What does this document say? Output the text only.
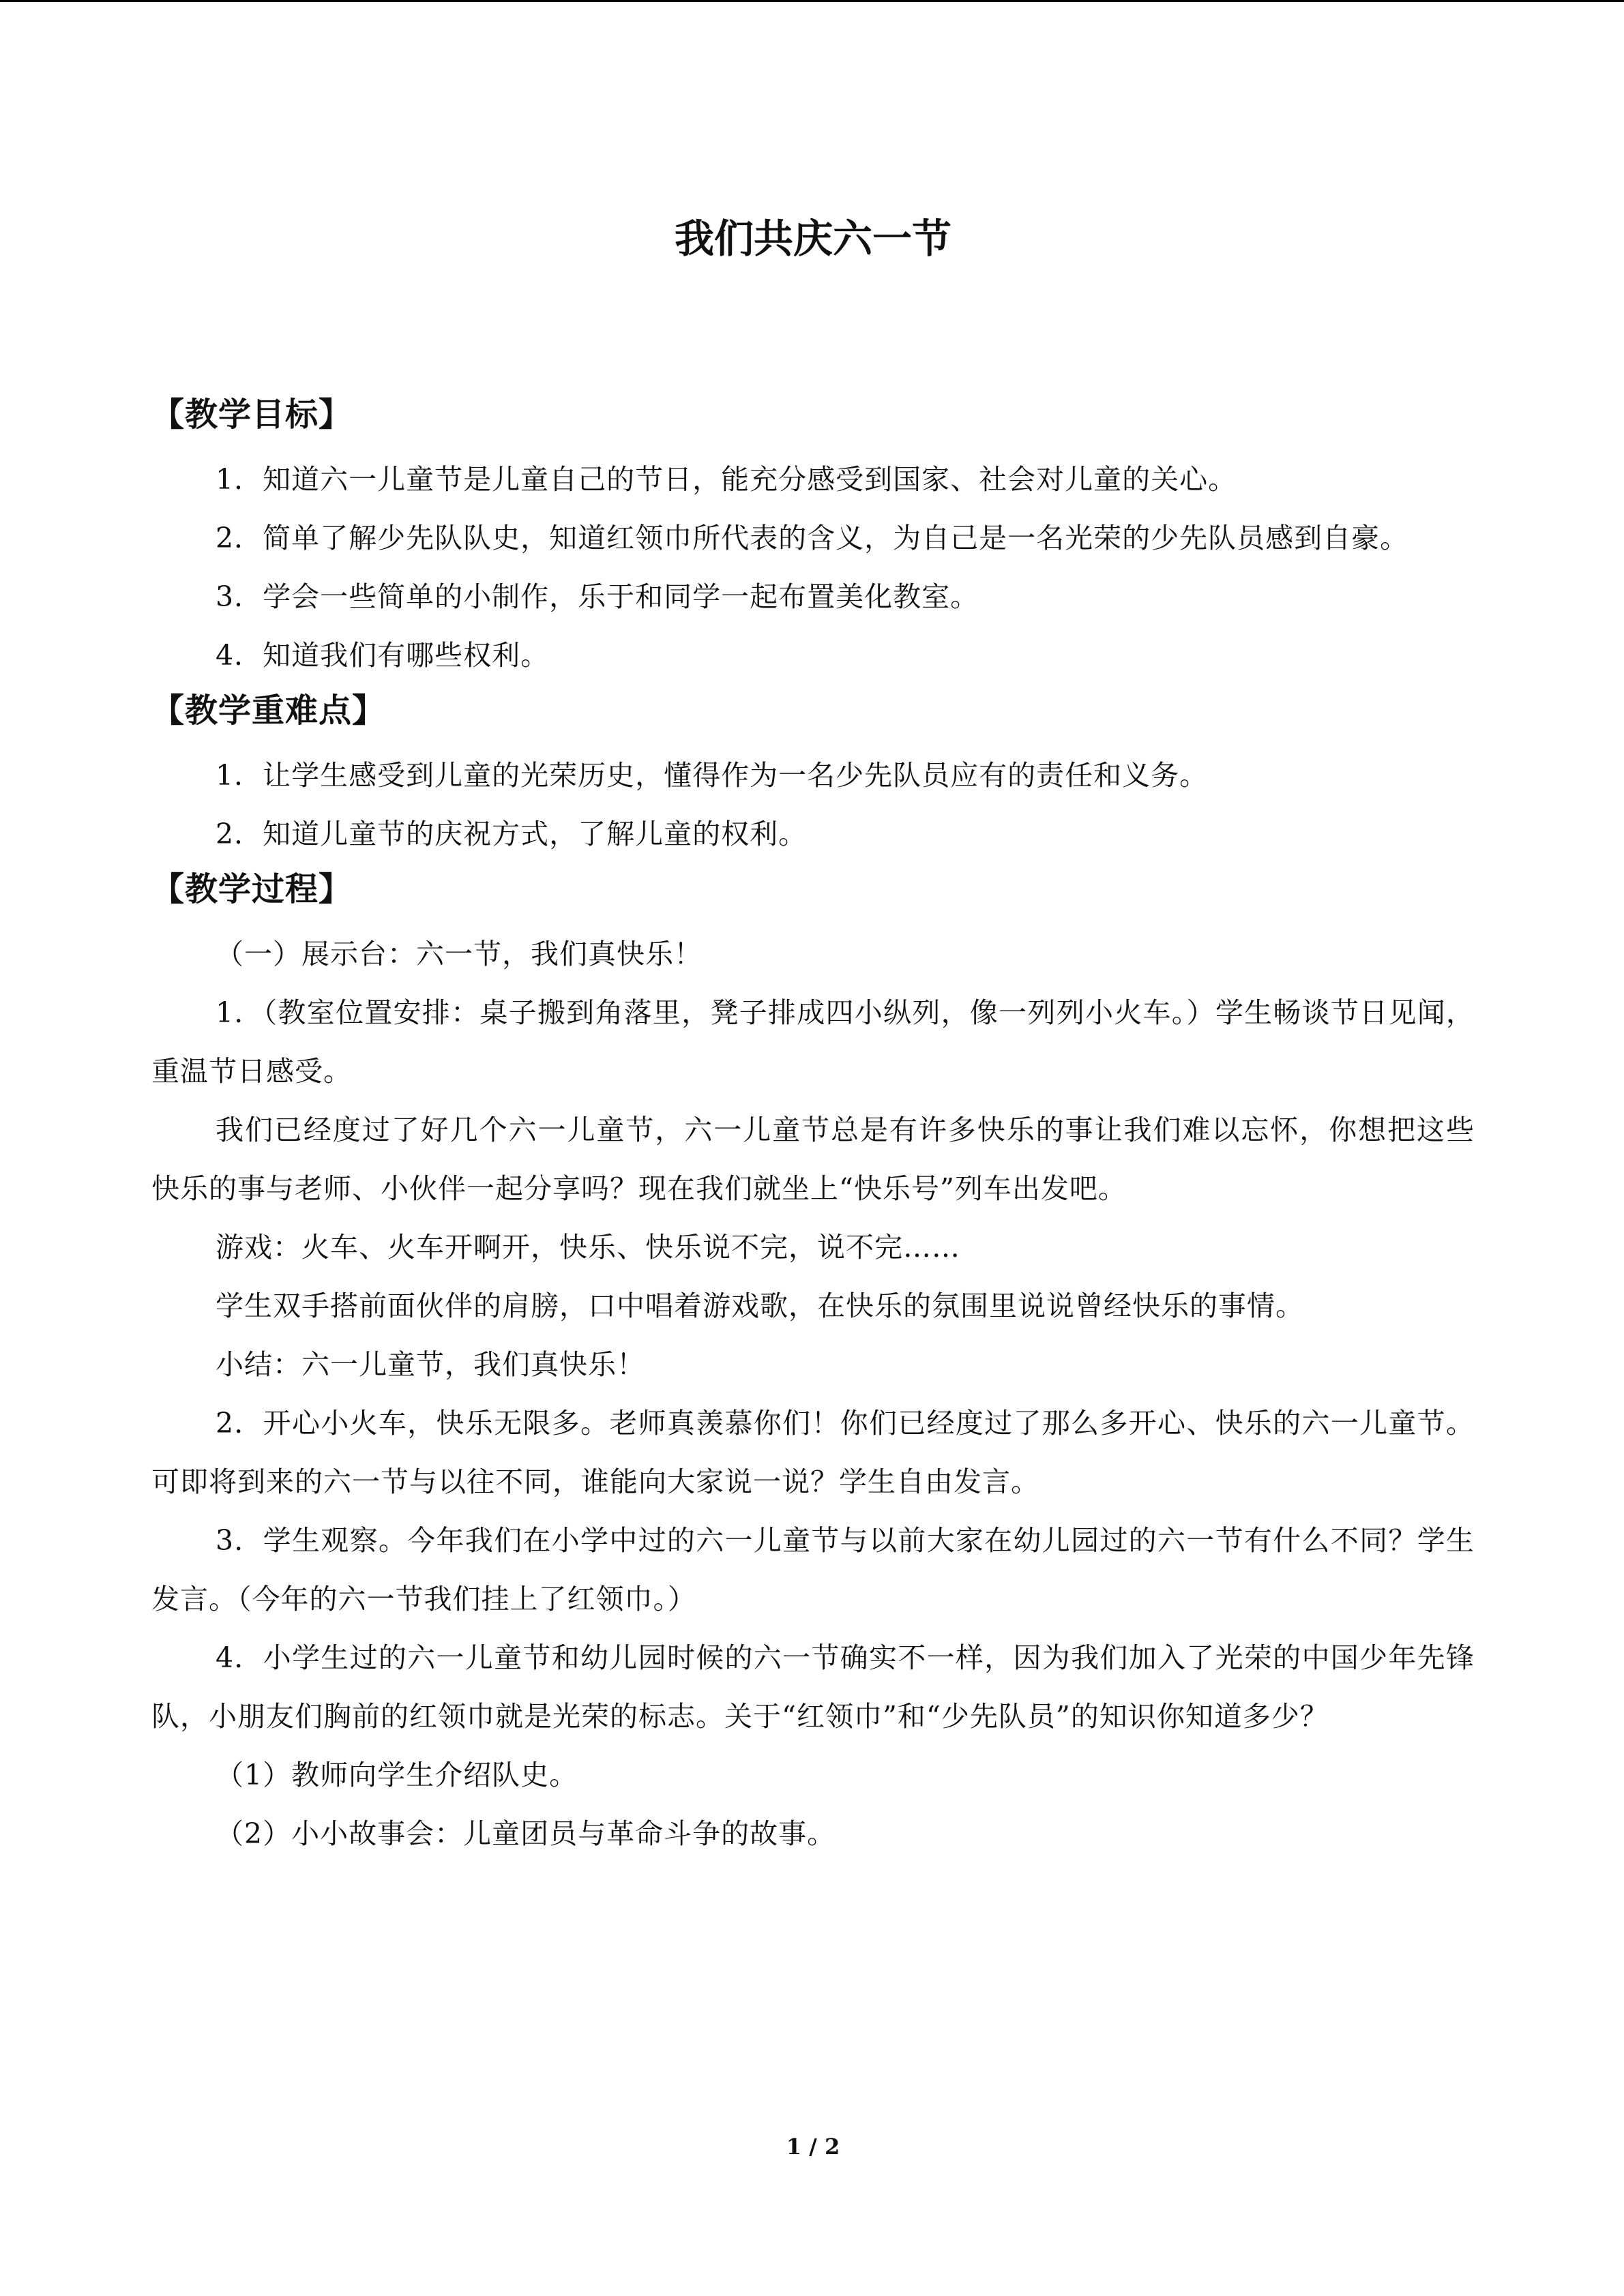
我们共庆六一节
【教学目标】

1．知道六一儿童节是儿童自己的节日，能充分感受到国家、社会对儿童的关心。

2．简单了解少先队队史，知道红领巾所代表的含义，为自己是一名光荣的少先队员感到自豪。

3．学会一些简单的小制作，乐于和同学一起布置美化教室。

4．知道我们有哪些权利。

【教学重难点】

1．让学生感受到儿童的光荣历史，懂得作为一名少先队员应有的责任和义务。

2．知道儿童节的庆祝方式，了解儿童的权利。

【教学过程】

（一）展示台：六一节，我们真快乐！

1．（教室位置安排：桌子搬到角落里，凳子排成四小纵列，像一列列小火车。）学生畅谈节日见闻，重温节日感受。

我们已经度过了好几个六一儿童节，六一儿童节总是有许多快乐的事让我们难以忘怀，你想把这些快乐的事与老师、小伙伴一起分享吗？现在我们就坐上“快乐号”列车出发吧。

游戏：火车、火车开啊开，快乐、快乐说不完，说不完……

学生双手搭前面伙伴的肩膀，口中唱着游戏歌，在快乐的氛围里说说曾经快乐的事情。

小结：六一儿童节，我们真快乐！

2．开心小火车，快乐无限多。老师真羡慕你们！你们已经度过了那么多开心、快乐的六一儿童节。可即将到来的六一节与以往不同，谁能向大家说一说？学生自由发言。

3．学生观察。今年我们在小学中过的六一儿童节与以前大家在幼儿园过的六一节有什么不同？学生发言。（今年的六一节我们挂上了红领巾。）

4．小学生过的六一儿童节和幼儿园时候的六一节确实不一样，因为我们加入了光荣的中国少年先锋队，小朋友们胸前的红领巾就是光荣的标志。关于“红领巾”和“少先队员”的知识你知道多少？

（1）教师向学生介绍队史。

（2）小小故事会：儿童团员与革命斗争的故事。

1 / 2
